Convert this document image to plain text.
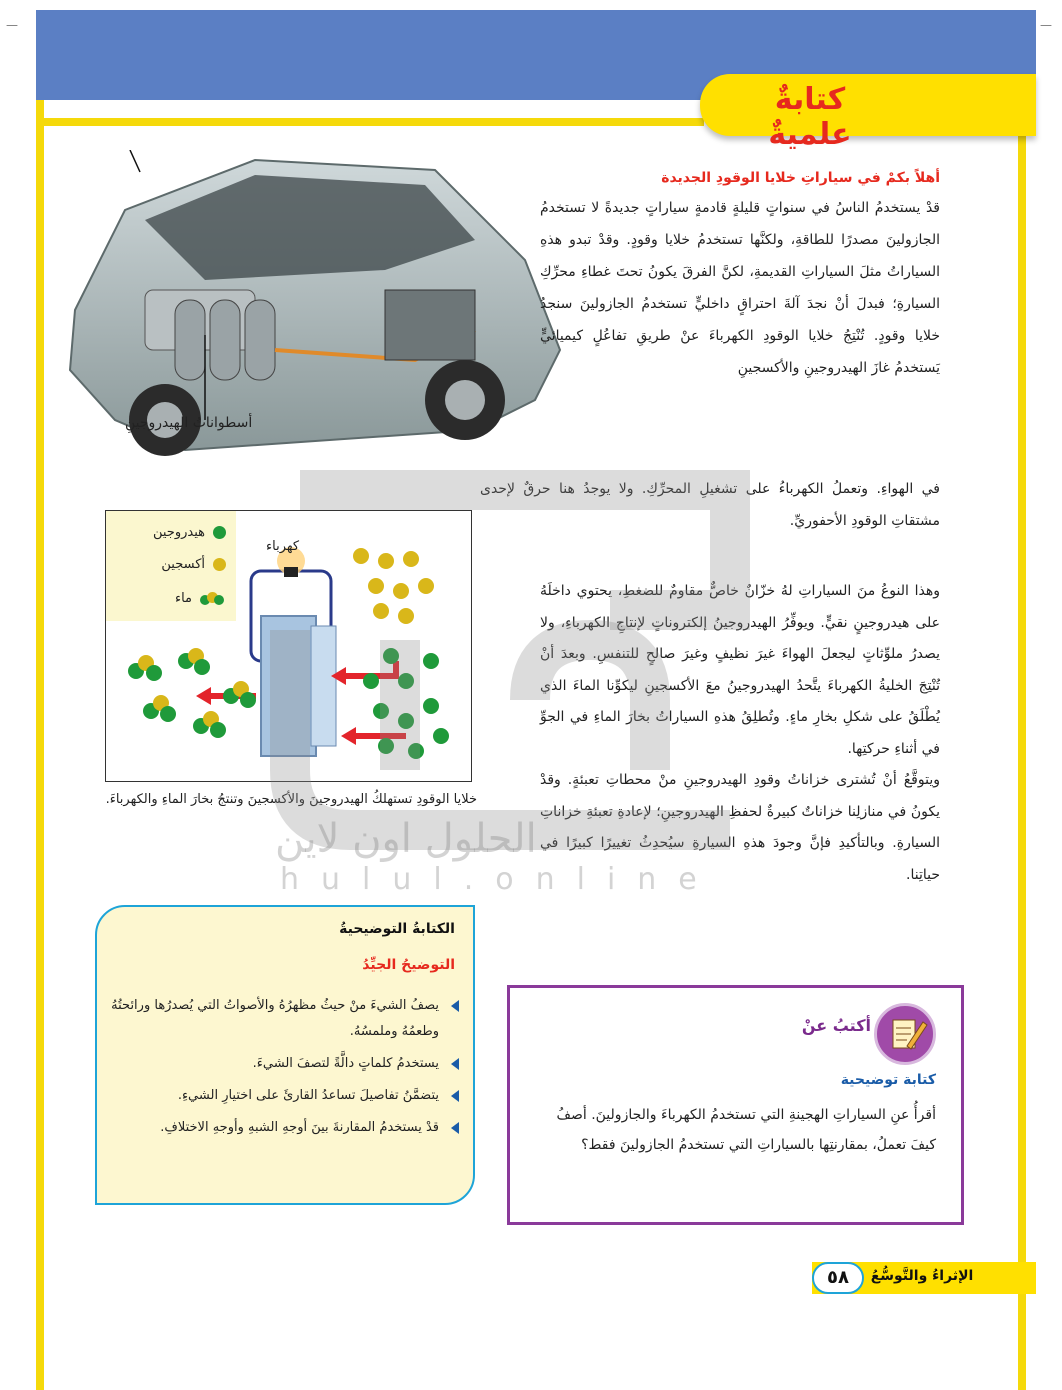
—	—
كتابةٌ علميةٌ
أسطواناتُ الهيدروجينِ
أهلاً بكمْ في سياراتِ خلايا الوقودِ الجديدة

قدْ يستخدمُ الناسُ في سنواتٍ قليلةٍ قادمةٍ سياراتٍ جديدةً لا تستخدمُ الجازولينَ مصدرًا للطاقةِ، ولكنَّها تستخدمُ خلايا وقودٍ. وقدْ تبدو هذهِ السياراتُ مثلَ السياراتِ القديمةِ، لكنَّ الفرقَ يكونُ تحتَ غطاءِ محرِّكِ السيارةِ؛ فبدلَ أنْ نجدَ آلةَ احتراقٍ داخليٍّ تستخدمُ الجازولينَ سنجدُ خلايا وقودٍ. تُنْتِجُ خلايا الوقودِ الكهرباءَ عنْ طريقِ تفاعُلٍ كيميائيٍّ يَستخدمُ غازَ الهيدروجينِ والأكسجينِ

في الهواءِ. وتعملُ الكهرباءُ على تشغيلِ المحرِّكِ. ولا يوجدُ هنا حرقٌ لإحدى مشتقاتِ الوقودِ الأحفوريِّ.

وهذا النوعُ منَ السياراتِ لهُ خزّانٌ خاصٌّ مقاومٌ للضغطِ، يحتوي داخلَهُ على هيدروجينٍ نقيٍّ. ويوفِّرُ الهيدروجينُ إلكتروناتٍ لإنتاجِ الكهرباءِ، ولا يصدرُ ملوِّثاتٍ ليجعلَ الهواءَ غيرَ نظيفٍ وغيرَ صالحٍ للتنفسِ. وبعدَ أنْ تُنْتِجَ الخليةُ الكهرباءَ يتَّحدُ الهيدروجينُ معَ الأكسجينِ ليكوِّنا الماءَ الذي يُطْلَقُ على شكلِ بخارِ ماءٍ. وتُطلِقُ هذهِ السياراتُ بخارَ الماءِ في الجوِّ في أثناءِ حركتِها.

ويتوقَّعُ أنْ تُشترى خزاناتُ وقودِ الهيدروجينِ منْ محطاتِ تعبئةٍ. وقدْ يكونُ في منازلِنا خزاناتٌ كبيرةٌ لحفظِ الهيدروجينِ؛ لإعادةِ تعبئةِ خزاناتِ السيارةِ. وبالتأكيدِ فإنَّ وجودَ هذهِ السيارةِ سيُحدِثُ تغييرًا كبيرًا في حياتِنا.

هيدروجين
أكسجين
ماء
كهرباء
خلايا الوقودِ تستهلكُ الهيدروجينَ والأكسجينَ وتنتجُ بخارَ الماءِ والكهرباءَ.
الحلول اون لاين
hulul.online
الكتابةُ التوضيحيةُ
التوضيحُ الجيِّدُ
يصفُ الشيءَ منْ حيثُ مظهرُهُ والأصواتُ التي يُصدرُها ورائحتُهُ وطعمُهُ وملمسُهُ.
يستخدمُ كلماتٍ دالَّةً لتصفَ الشيءَ.
يتضمَّنُ تفاصيلَ تساعدُ القارئَ على اختيارِ الشيءِ.
قدْ يستخدمُ المقارنةَ بينَ أوجهِ الشبهِ وأوجهِ الاختلافِ.
أكتبُ عنْ
كتابة توضيحية
أقرأُ عنِ السياراتِ الهجينةِ التي تستخدمُ الكهرباءَ والجازولينَ. أصفُ كيفَ تعملُ، بمقارنتِها بالسياراتِ التي تستخدمُ الجازولينَ فقط؟
الإثراءُ والتَّوسُّعُ
٥٨
